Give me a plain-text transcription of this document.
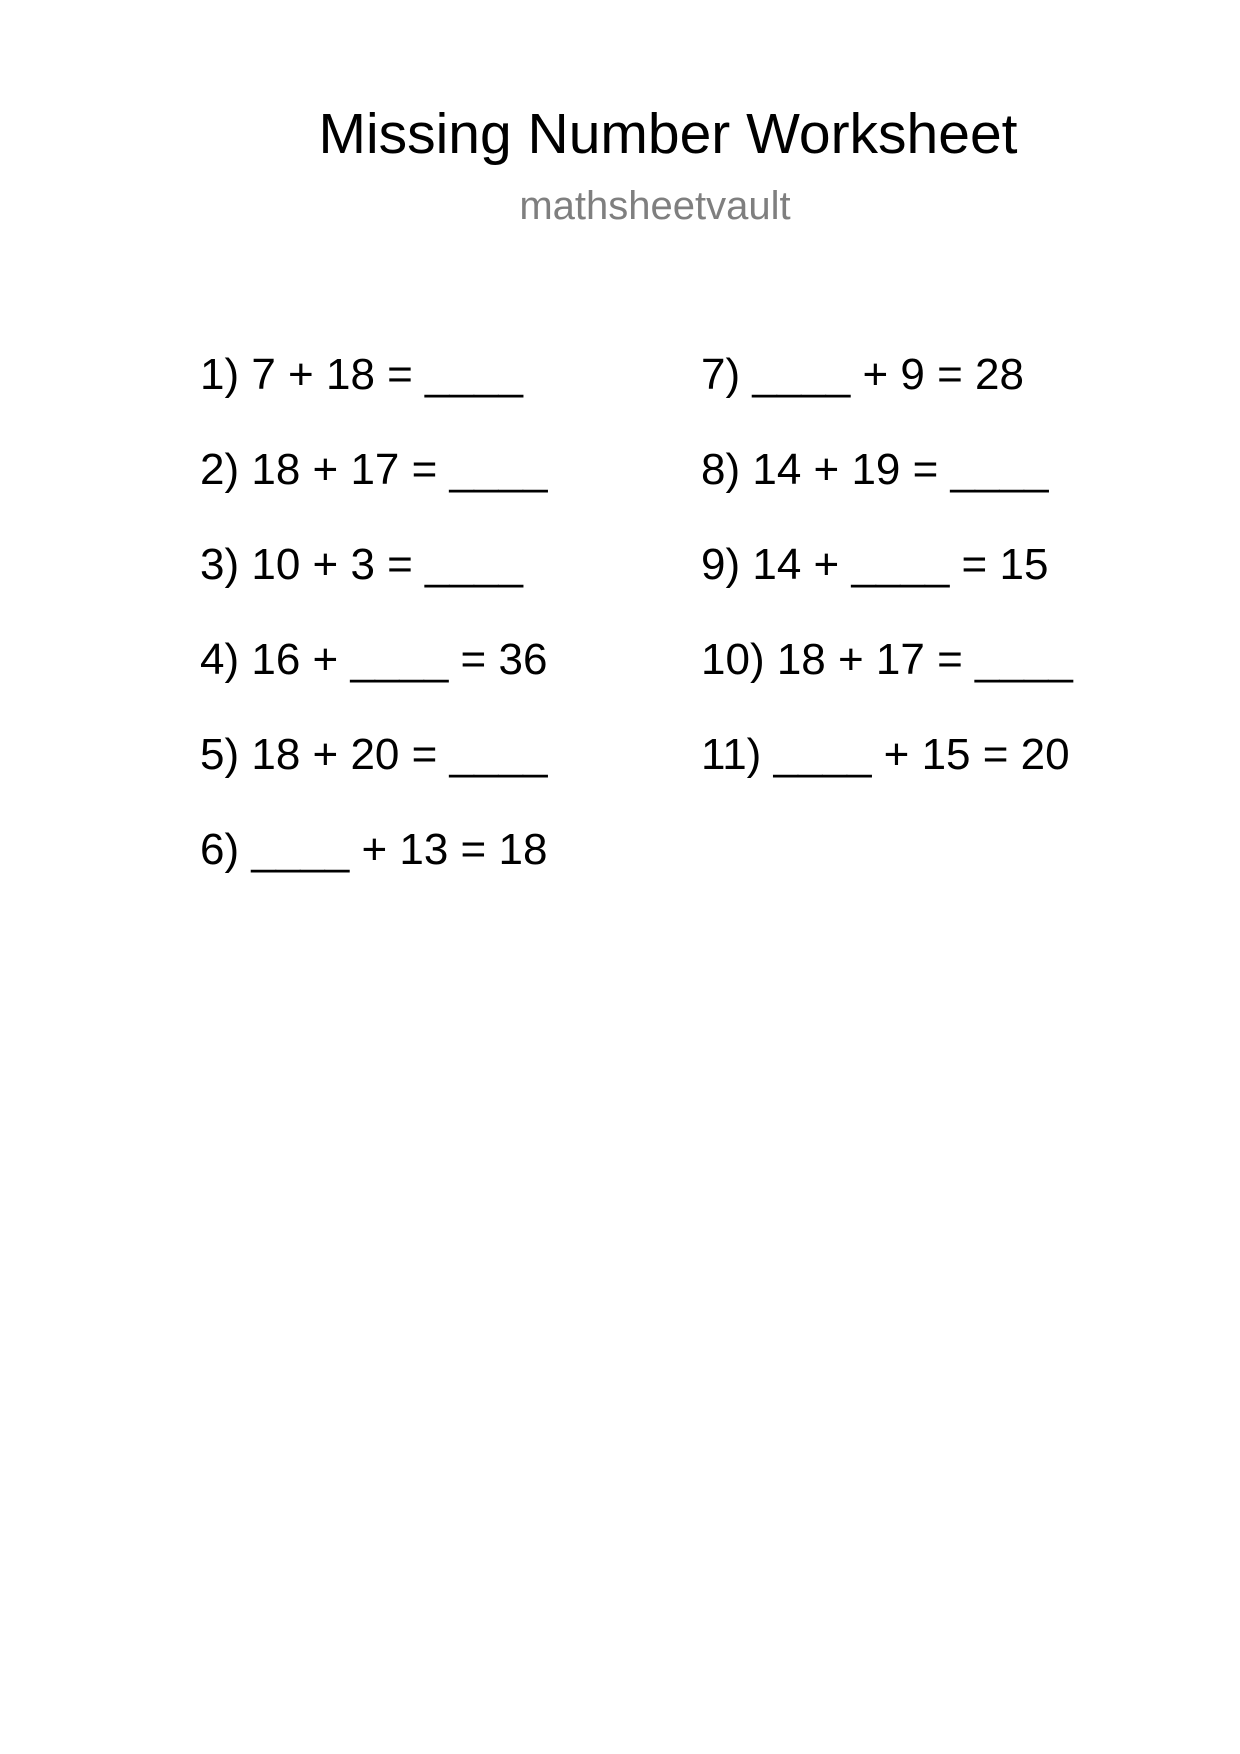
Missing Number Worksheet
mathsheetvault
1) 7 + 18 = ____
2) 18 + 17 = ____
3) 10 + 3 = ____
4) 16 + ____ = 36
5) 18 + 20 = ____
6) ____ + 13 = 18
7) ____ + 9 = 28
8) 14 + 19 = ____
9) 14 + ____ = 15
10) 18 + 17 = ____
11) ____ + 15 = 20
